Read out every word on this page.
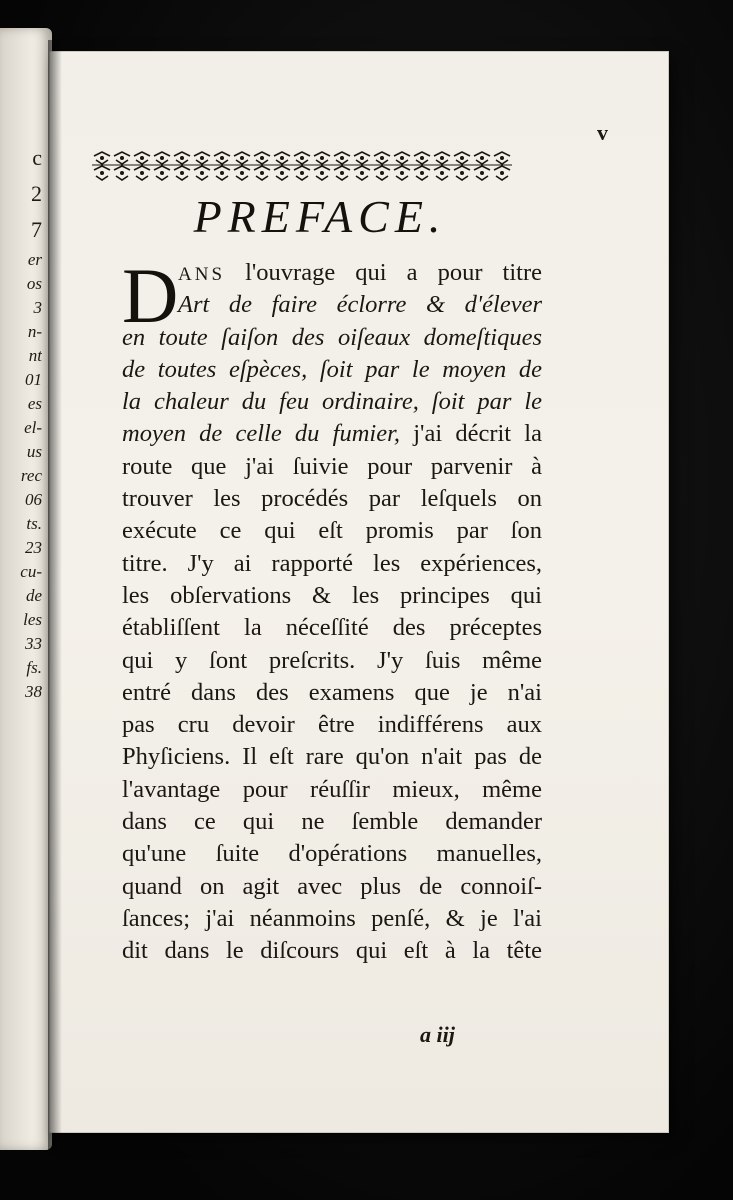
c
2
7
er
os
3
n-
nt
01
es
el-
us
rec
06
ts.
23
cu-
de
les
33
fs.
38

v

PREFACE.
D ANS l'ouvrage qui a pour titre
Art de faire éclorre & d'élever
en toute ſaiſon des oiſeaux domeſtiques
de toutes eſpèces, ſoit par le moyen de
la chaleur du feu ordinaire, ſoit par le
moyen de celle du fumier, j'ai décrit la
route que j'ai ſuivie pour parvenir à
trouver les procédés par leſquels on
exécute ce qui eſt promis par ſon
titre. J'y ai rapporté les expériences,
les obſervations & les principes qui
établiſſent la néceſſité des préceptes
qui y ſont preſcrits. J'y ſuis même
entré dans des examens que je n'ai
pas cru devoir être indifférens aux
Phyſiciens. Il eſt rare qu'on n'ait pas de
l'avantage pour réuſſir mieux, même
dans ce qui ne ſemble demander
qu'une ſuite d'opérations manuelles,
quand on agit avec plus de connoiſ-
ſances; j'ai néanmoins penſé, & je l'ai
dit dans le diſcours qui eſt à la tête

a iij
